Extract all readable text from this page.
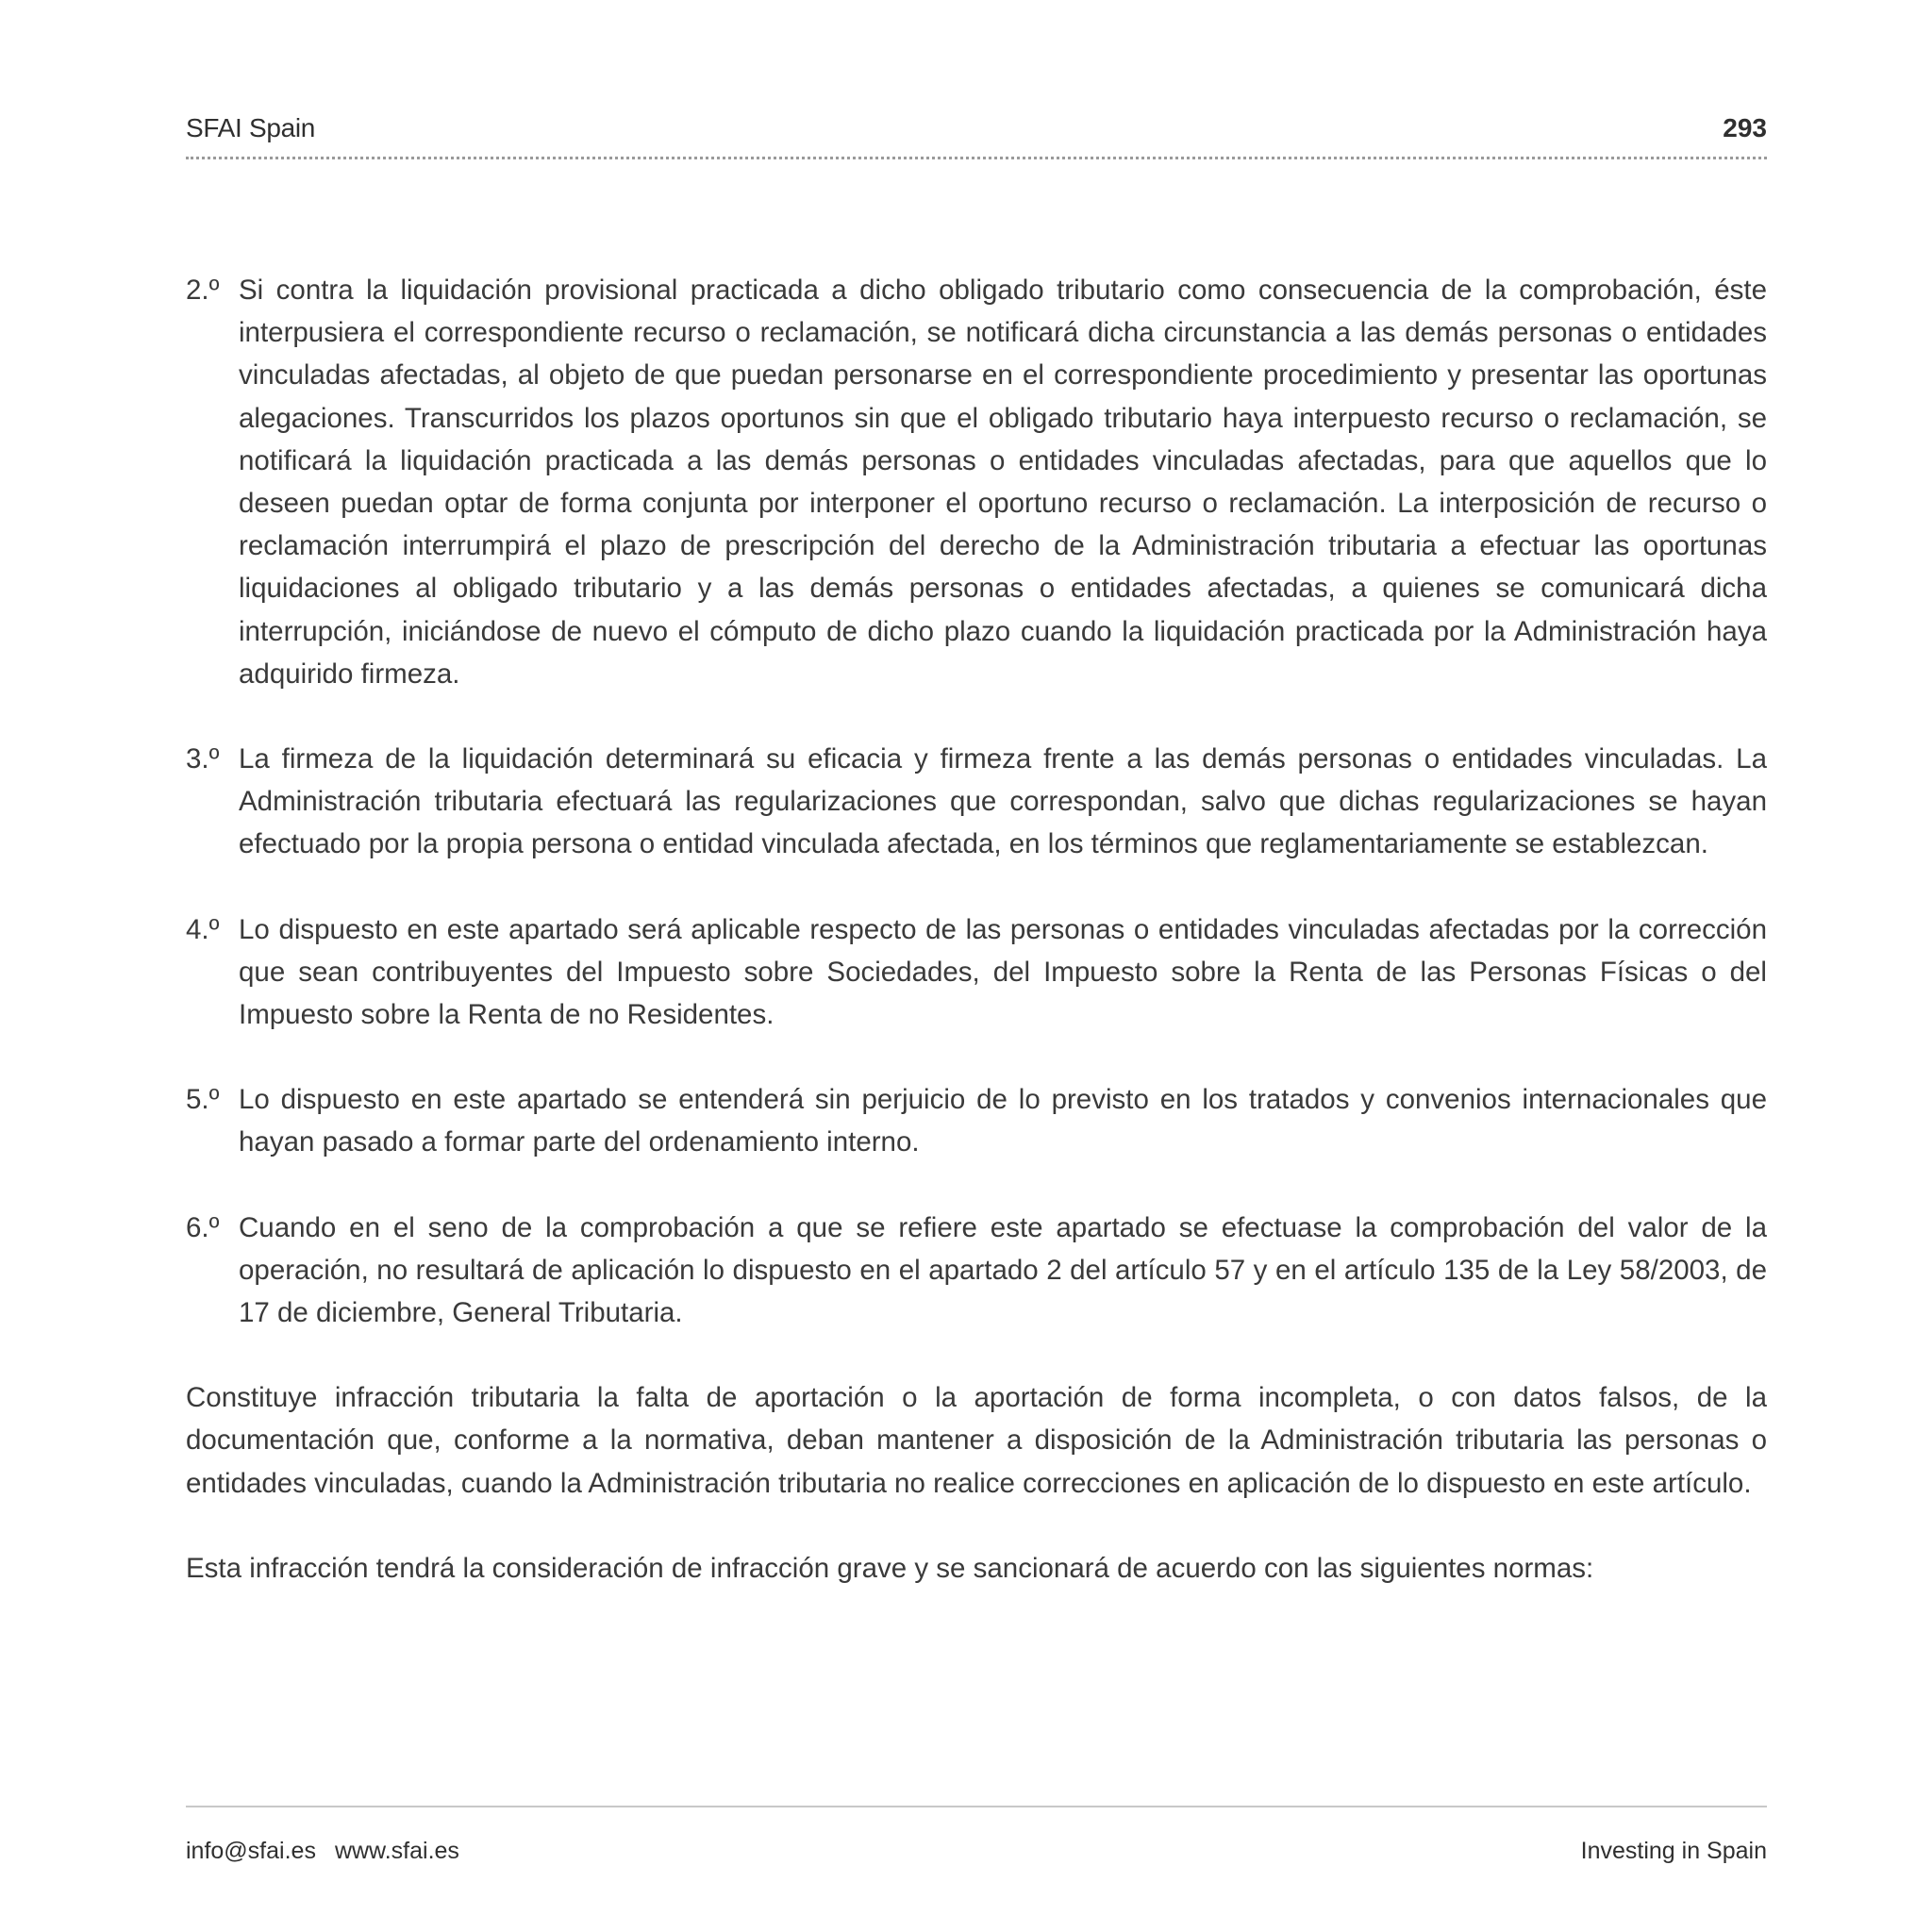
SFAI Spain	293
2.º Si contra la liquidación provisional practicada a dicho obligado tributario como consecuencia de la comprobación, éste interpusiera el correspondiente recurso o reclamación, se notificará dicha circunstancia a las demás personas o entidades vinculadas afectadas, al objeto de que puedan personarse en el correspondiente procedimiento y presentar las oportunas alegaciones. Transcurridos los plazos oportunos sin que el obligado tributario haya interpuesto recurso o reclamación, se notificará la liquidación practicada a las demás personas o entidades vinculadas afectadas, para que aquellos que lo deseen puedan optar de forma conjunta por interponer el oportuno recurso o reclamación. La interposición de recurso o reclamación interrumpirá el plazo de prescripción del derecho de la Administración tributaria a efectuar las oportunas liquidaciones al obligado tributario y a las demás personas o entidades afectadas, a quienes se comunicará dicha interrupción, iniciándose de nuevo el cómputo de dicho plazo cuando la liquidación practicada por la Administración haya adquirido firmeza.
3.º La firmeza de la liquidación determinará su eficacia y firmeza frente a las demás personas o entidades vinculadas. La Administración tributaria efectuará las regularizaciones que correspondan, salvo que dichas regularizaciones se hayan efectuado por la propia persona o entidad vinculada afectada, en los términos que reglamentariamente se establezcan.
4.º Lo dispuesto en este apartado será aplicable respecto de las personas o entidades vinculadas afectadas por la corrección que sean contribuyentes del Impuesto sobre Sociedades, del Impuesto sobre la Renta de las Personas Físicas o del Impuesto sobre la Renta de no Residentes.
5.º Lo dispuesto en este apartado se entenderá sin perjuicio de lo previsto en los tratados y convenios internacionales que hayan pasado a formar parte del ordenamiento interno.
6.º Cuando en el seno de la comprobación a que se refiere este apartado se efectuase la comprobación del valor de la operación, no resultará de aplicación lo dispuesto en el apartado 2 del artículo 57 y en el artículo 135 de la Ley 58/2003, de 17 de diciembre, General Tributaria.

Constituye infracción tributaria la falta de aportación o la aportación de forma incompleta, o con datos falsos, de la documentación que, conforme a la normativa, deban mantener a disposición de la Administración tributaria las personas o entidades vinculadas, cuando la Administración tributaria no realice correcciones en aplicación de lo dispuesto en este artículo.

Esta infracción tendrá la consideración de infracción grave y se sancionará de acuerdo con las siguientes normas:

info@sfai.es www.sfai.es	Investing in Spain
